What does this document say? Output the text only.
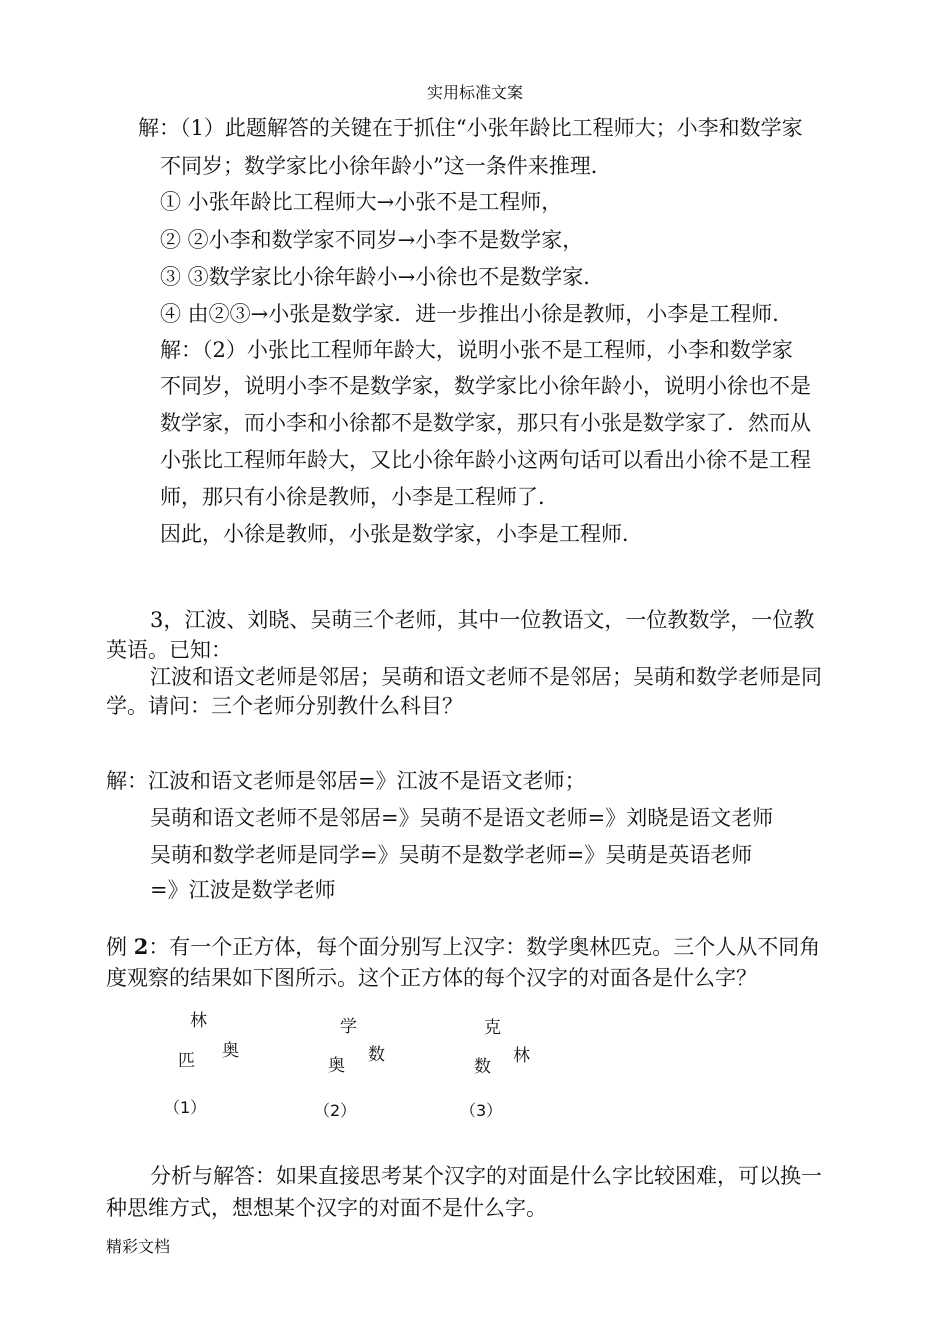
实用标准文案
解：（1）此题解答的关键在于抓住“小张年龄比工程师大；小李和数学家
不同岁；数学家比小徐年龄小”这一条件来推理．
① 小张年龄比工程师大→小张不是工程师，
② ②小李和数学家不同岁→小李不是数学家，
③ ③数学家比小徐年龄小→小徐也不是数学家．
④ 由②③→小张是数学家．进一步推出小徐是教师，小李是工程师．
解：（2）小张比工程师年龄大，说明小张不是工程师，小李和数学家
不同岁，说明小李不是数学家，数学家比小徐年龄小，说明小徐也不是
数学家，而小李和小徐都不是数学家，那只有小张是数学家了．然而从
小张比工程师年龄大，又比小徐年龄小这两句话可以看出小徐不是工程
师，那只有小徐是教师，小李是工程师了．
因此，小徐是教师，小张是数学家，小李是工程师．
3，江波、刘晓、吴萌三个老师，其中一位教语文，一位教数学，一位教
英语。已知：
江波和语文老师是邻居；吴萌和语文老师不是邻居；吴萌和数学老师是同
学。请问：三个老师分别教什么科目？
解：江波和语文老师是邻居=》江波不是语文老师；
吴萌和语文老师不是邻居=》吴萌不是语文老师=》刘晓是语文老师
吴萌和数学老师是同学=》吴萌不是数学老师=》吴萌是英语老师
=》江波是数学老师
例 2：有一个正方体，每个面分别写上汉字：数学奥林匹克。三个人从不同角
度观察的结果如下图所示。这个正方体的每个汉字的对面各是什么字？
林
奥
匹
（1）
学
数
奥
（2）
克
林
数
（3）
分析与解答：如果直接思考某个汉字的对面是什么字比较困难，可以换一
种思维方式，想想某个汉字的对面不是什么字。
精彩文档
